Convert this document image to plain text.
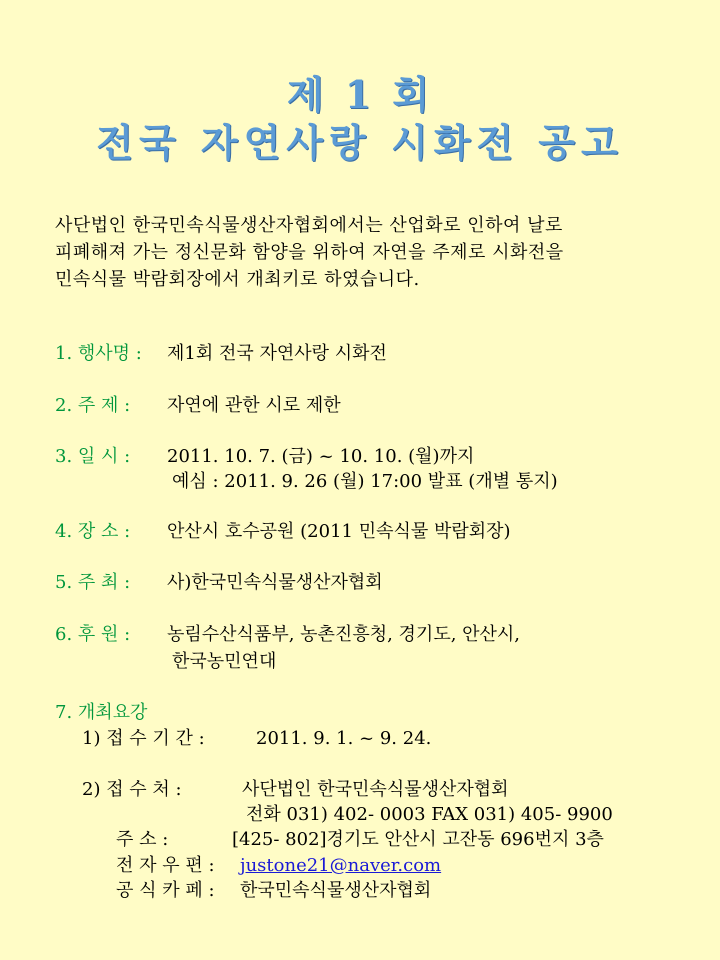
제 1 회
전국 자연사랑 시화전 공고
사단법인 한국민속식물생산자협회에서는 산업화로 인하여 날로
피폐해져 가는 정신문화 함양을 위하여 자연을 주제로 시화전을
민속식물 박람회장에서 개최키로 하였습니다.
1. 행사명 : 제1회 전국 자연사랑 시화전
2. 주 제 : 자연에 관한 시로 제한
3. 일 시 : 2011. 10. 7. (금) ~ 10. 10. (월)까지
예심 : 2011. 9. 26 (월) 17:00 발표 (개별 통지)
4. 장 소 : 안산시 호수공원 (2011 민속식물 박람회장)
5. 주 최 : 사)한국민속식물생산자협회
6. 후 원 : 농림수산식품부, 농촌진흥청, 경기도, 안산시,
한국농민연대
7. 개최요강
1) 접 수 기 간 :	2011. 9. 1. ~ 9. 24.
2) 접 수 처 :	사단법인 한국민속식물생산자협회
전화 031) 402- 0003 FAX 031) 405- 9900
주 소 :	[425- 802]경기도 안산시 고잔동 696번지 3층
전 자 우 편 : justone21@naver.com
공 식 카 페 : 한국민속식물생산자협회
